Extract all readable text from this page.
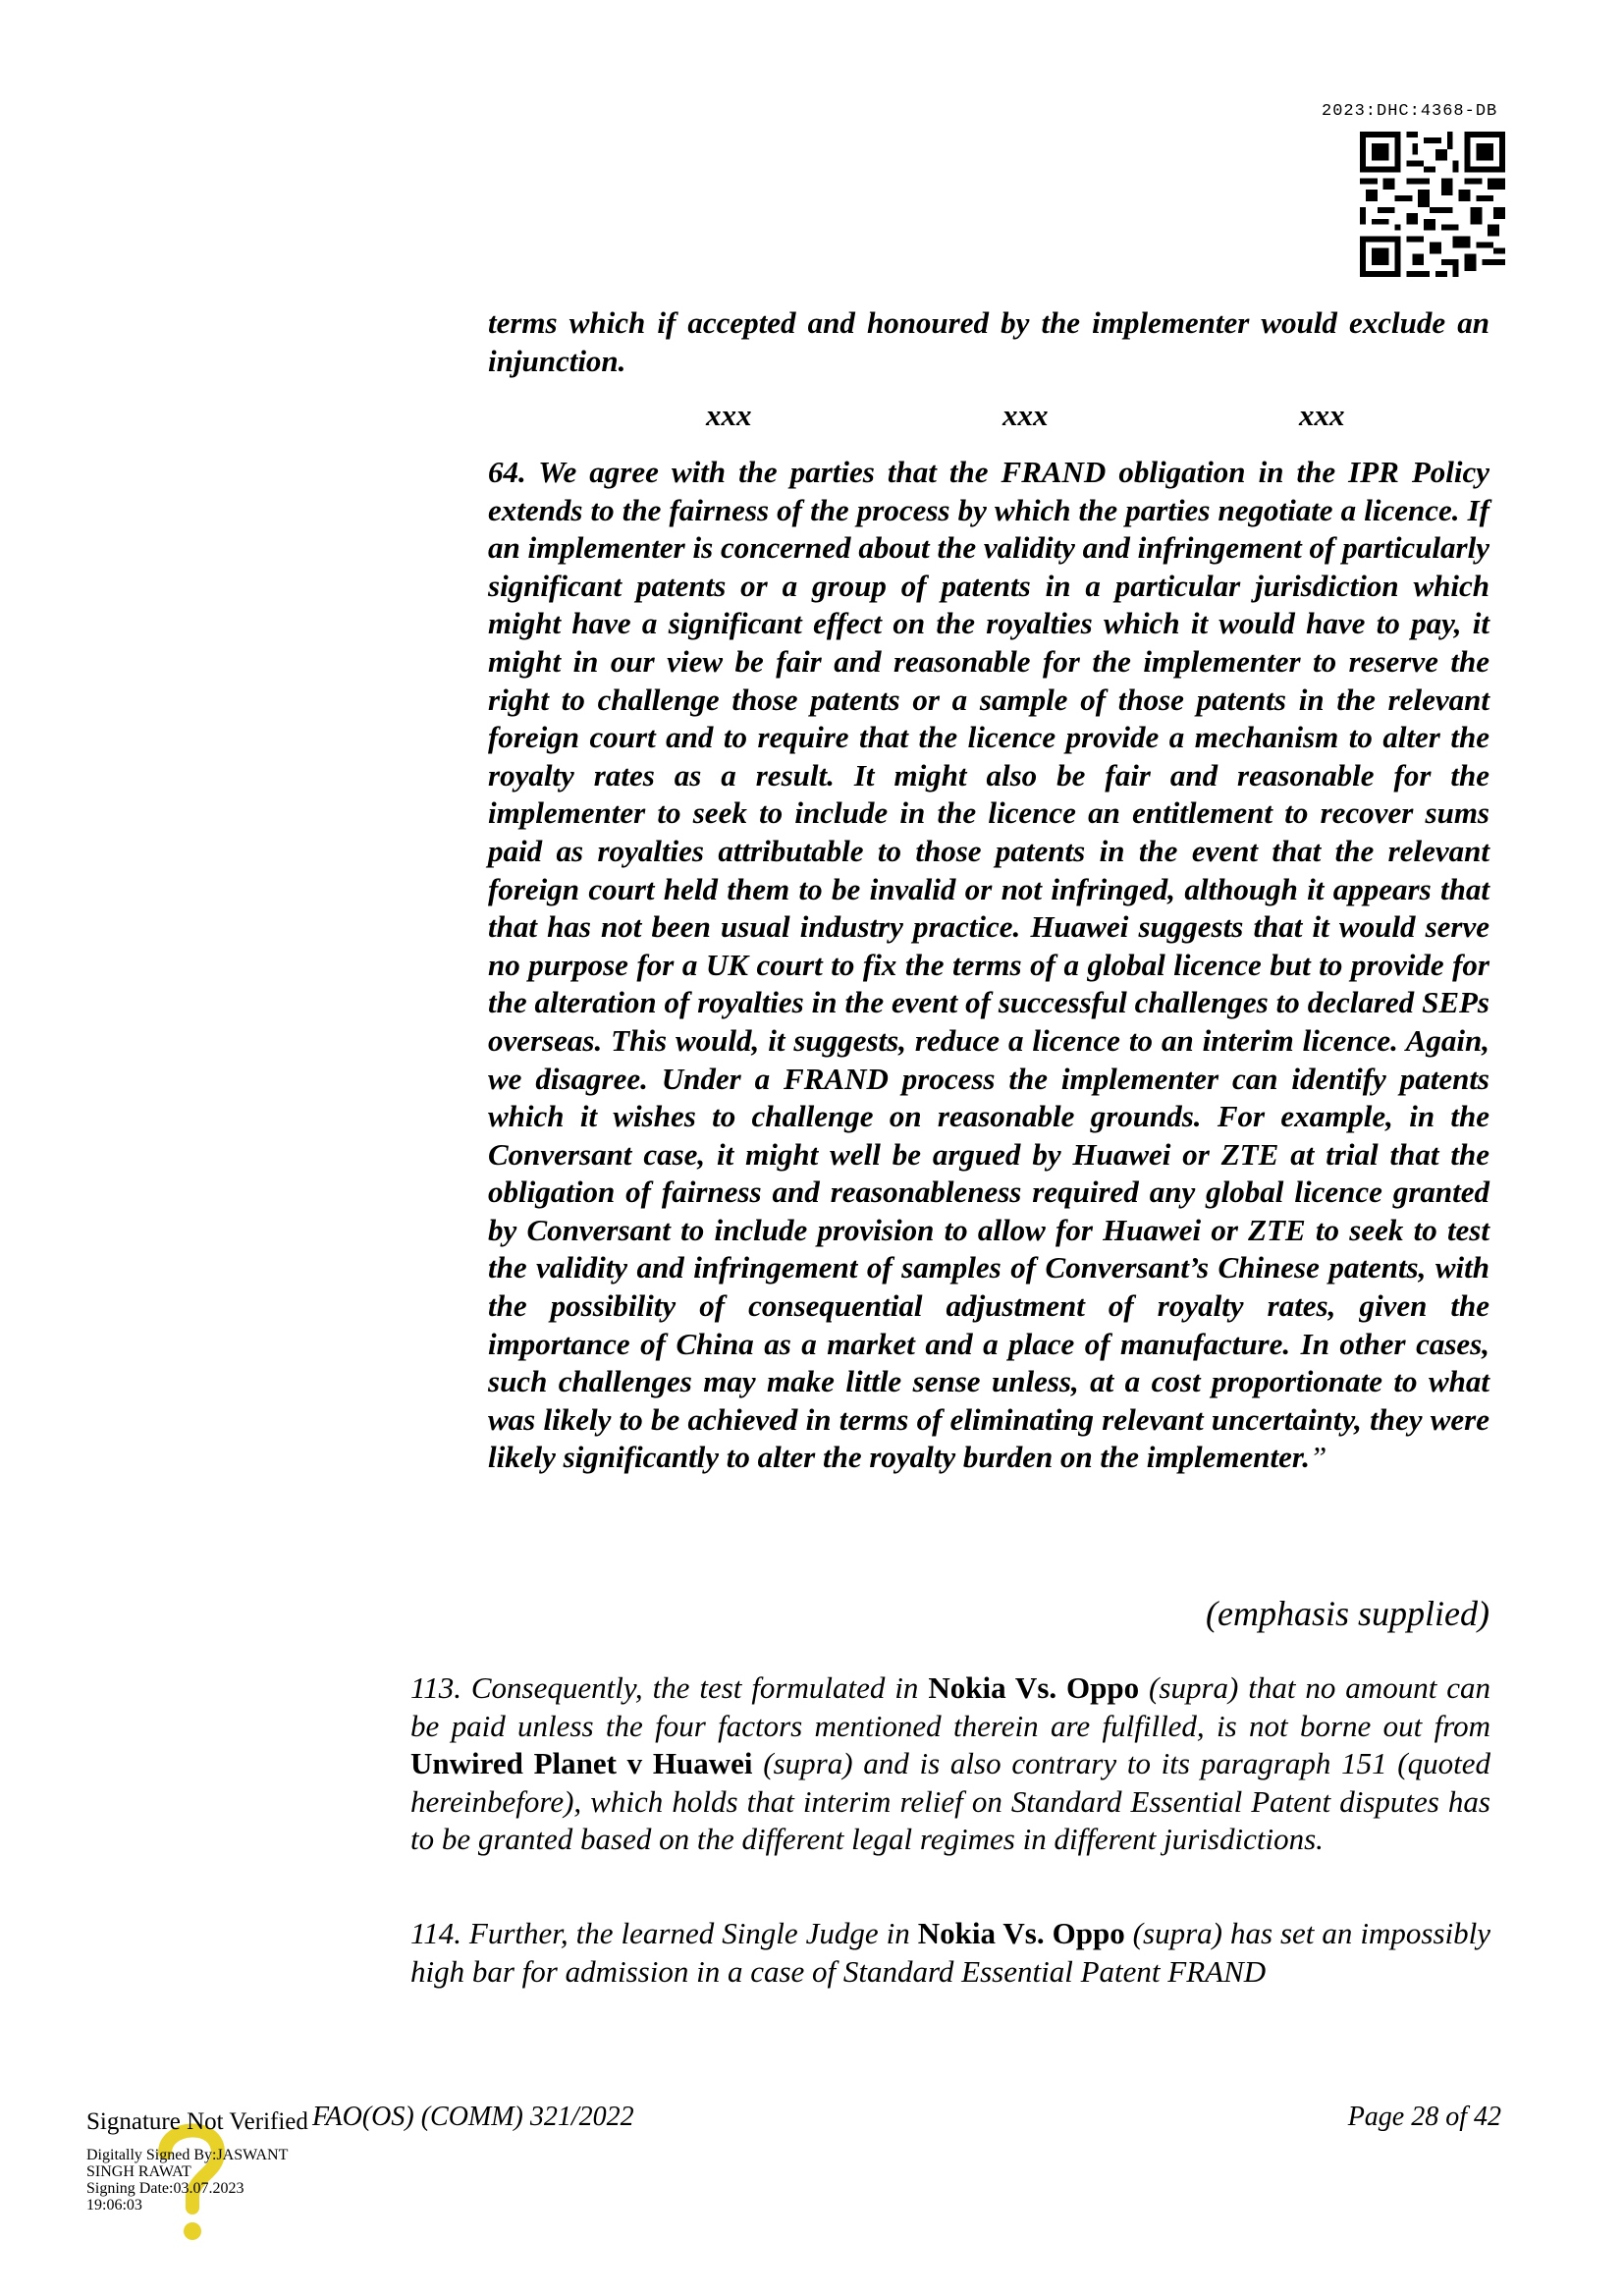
2023:DHC:4368-DB

terms which if accepted and honoured by the implementer would exclude an injunction.

xxx	xxx	xxx

64. We agree with the parties that the FRAND obligation in the IPR Policy extends to the fairness of the process by which the parties negotiate a licence. If an implementer is concerned about the validity and infringement of particularly significant patents or a group of patents in a particular jurisdiction which might have a significant effect on the royalties which it would have to pay, it might in our view be fair and reasonable for the implementer to reserve the right to challenge those patents or a sample of those patents in the relevant foreign court and to require that the licence provide a mechanism to alter the royalty rates as a result. It might also be fair and reasonable for the implementer to seek to include in the licence an entitlement to recover sums paid as royalties attributable to those patents in the event that the relevant foreign court held them to be invalid or not infringed, although it appears that that has not been usual industry practice. Huawei suggests that it would serve no purpose for a UK court to fix the terms of a global licence but to provide for the alteration of royalties in the event of successful challenges to declared SEPs overseas. This would, it suggests, reduce a licence to an interim licence. Again, we disagree. Under a FRAND process the implementer can identify patents which it wishes to challenge on reasonable grounds. For example, in the Conversant case, it might well be argued by Huawei or ZTE at trial that the obligation of fairness and reasonableness required any global licence granted by Conversant to include provision to allow for Huawei or ZTE to seek to test the validity and infringement of samples of Conversant’s Chinese patents, with the possibility of consequential adjustment of royalty rates, given the importance of China as a market and a place of manufacture. In other cases, such challenges may make little sense unless, at a cost proportionate to what was likely to be achieved in terms of eliminating relevant uncertainty, they were likely significantly to alter the royalty burden on the implementer.”

(emphasis supplied)

113. Consequently, the test formulated in Nokia Vs. Oppo (supra) that no amount can be paid unless the four factors mentioned therein are fulfilled, is not borne out from Unwired Planet v Huawei (supra) and is also contrary to its paragraph 151 (quoted hereinbefore), which holds that interim relief on Standard Essential Patent disputes has to be granted based on the different legal regimes in different jurisdictions.

114. Further, the learned Single Judge in Nokia Vs. Oppo (supra) has set an impossibly high bar for admission in a case of Standard Essential Patent FRAND

FAO(OS) (COMM) 321/2022	Page 28 of 42
Signature Not Verified
Digitally Signed By:JASWANT
SINGH RAWAT
Signing Date:03.07.2023
19:06:03
